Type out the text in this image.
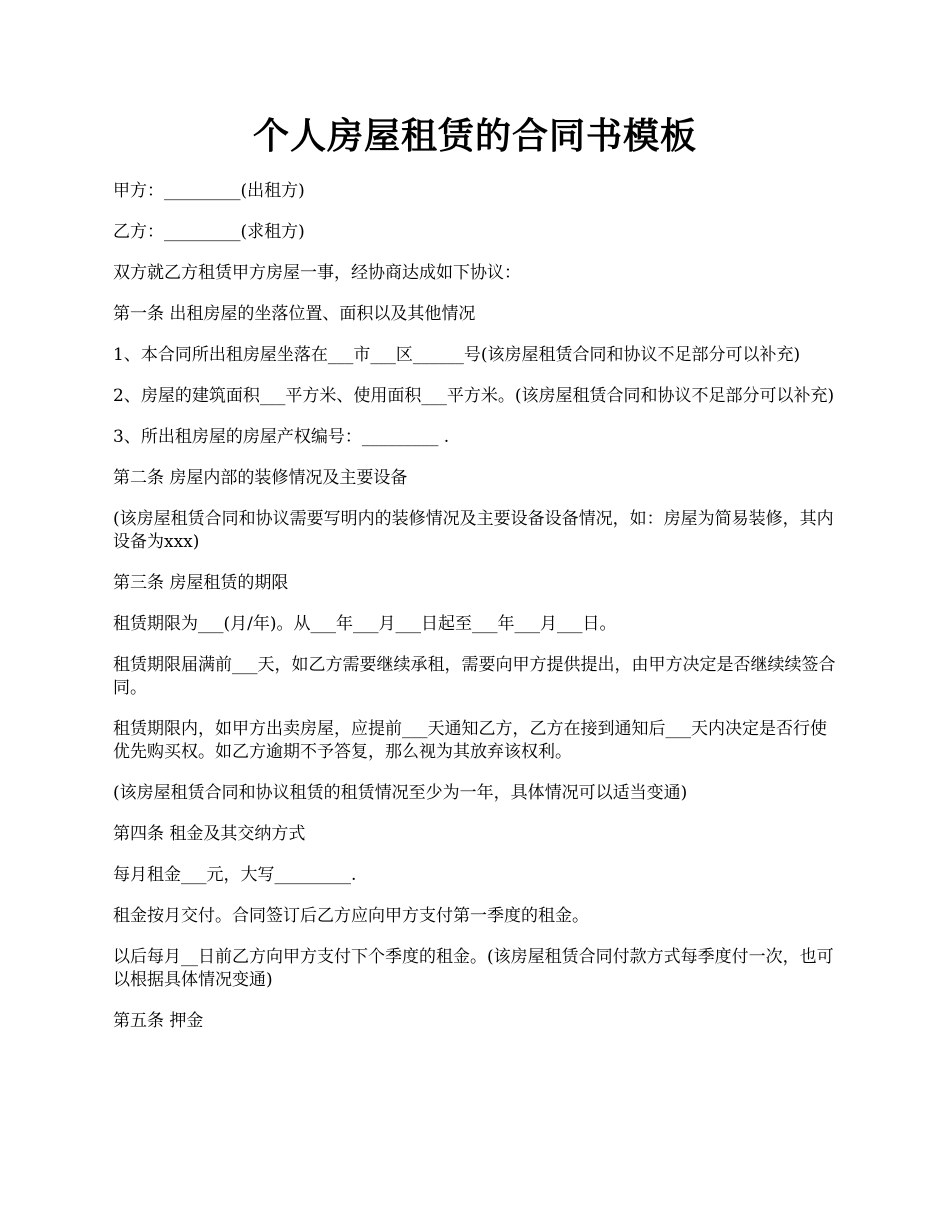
个人房屋租赁的合同书模板

甲方：_________(出租方)

乙方：_________(求租方)

双方就乙方租赁甲方房屋一事，经协商达成如下协议：

第一条 出租房屋的坐落位置、面积以及其他情况

1、本合同所出租房屋坐落在___市___区______号(该房屋租赁合同和协议不足部分可以补充)

2、房屋的建筑面积___平方米、使用面积___平方米。(该房屋租赁合同和协议不足部分可以补充)

3、所出租房屋的房屋产权编号：_________ .

第二条 房屋内部的装修情况及主要设备

(该房屋租赁合同和协议需要写明内的装修情况及主要设备设备情况，如：房屋为简易装修，其内设备为xxx)

第三条 房屋租赁的期限

租赁期限为___(月/年)。从___年___月___日起至___年___月___日。

租赁期限届满前___天，如乙方需要继续承租，需要向甲方提供提出，由甲方决定是否继续续签合同。

租赁期限内，如甲方出卖房屋，应提前___天通知乙方，乙方在接到通知后___天内决定是否行使优先购买权。如乙方逾期不予答复，那么视为其放弃该权利。

(该房屋租赁合同和协议租赁的租赁情况至少为一年，具体情况可以适当变通)

第四条 租金及其交纳方式

每月租金___元，大写_________.

租金按月交付。合同签订后乙方应向甲方支付第一季度的租金。

以后每月__日前乙方向甲方支付下个季度的租金。(该房屋租赁合同付款方式每季度付一次，也可以根据具体情况变通)

第五条 押金
